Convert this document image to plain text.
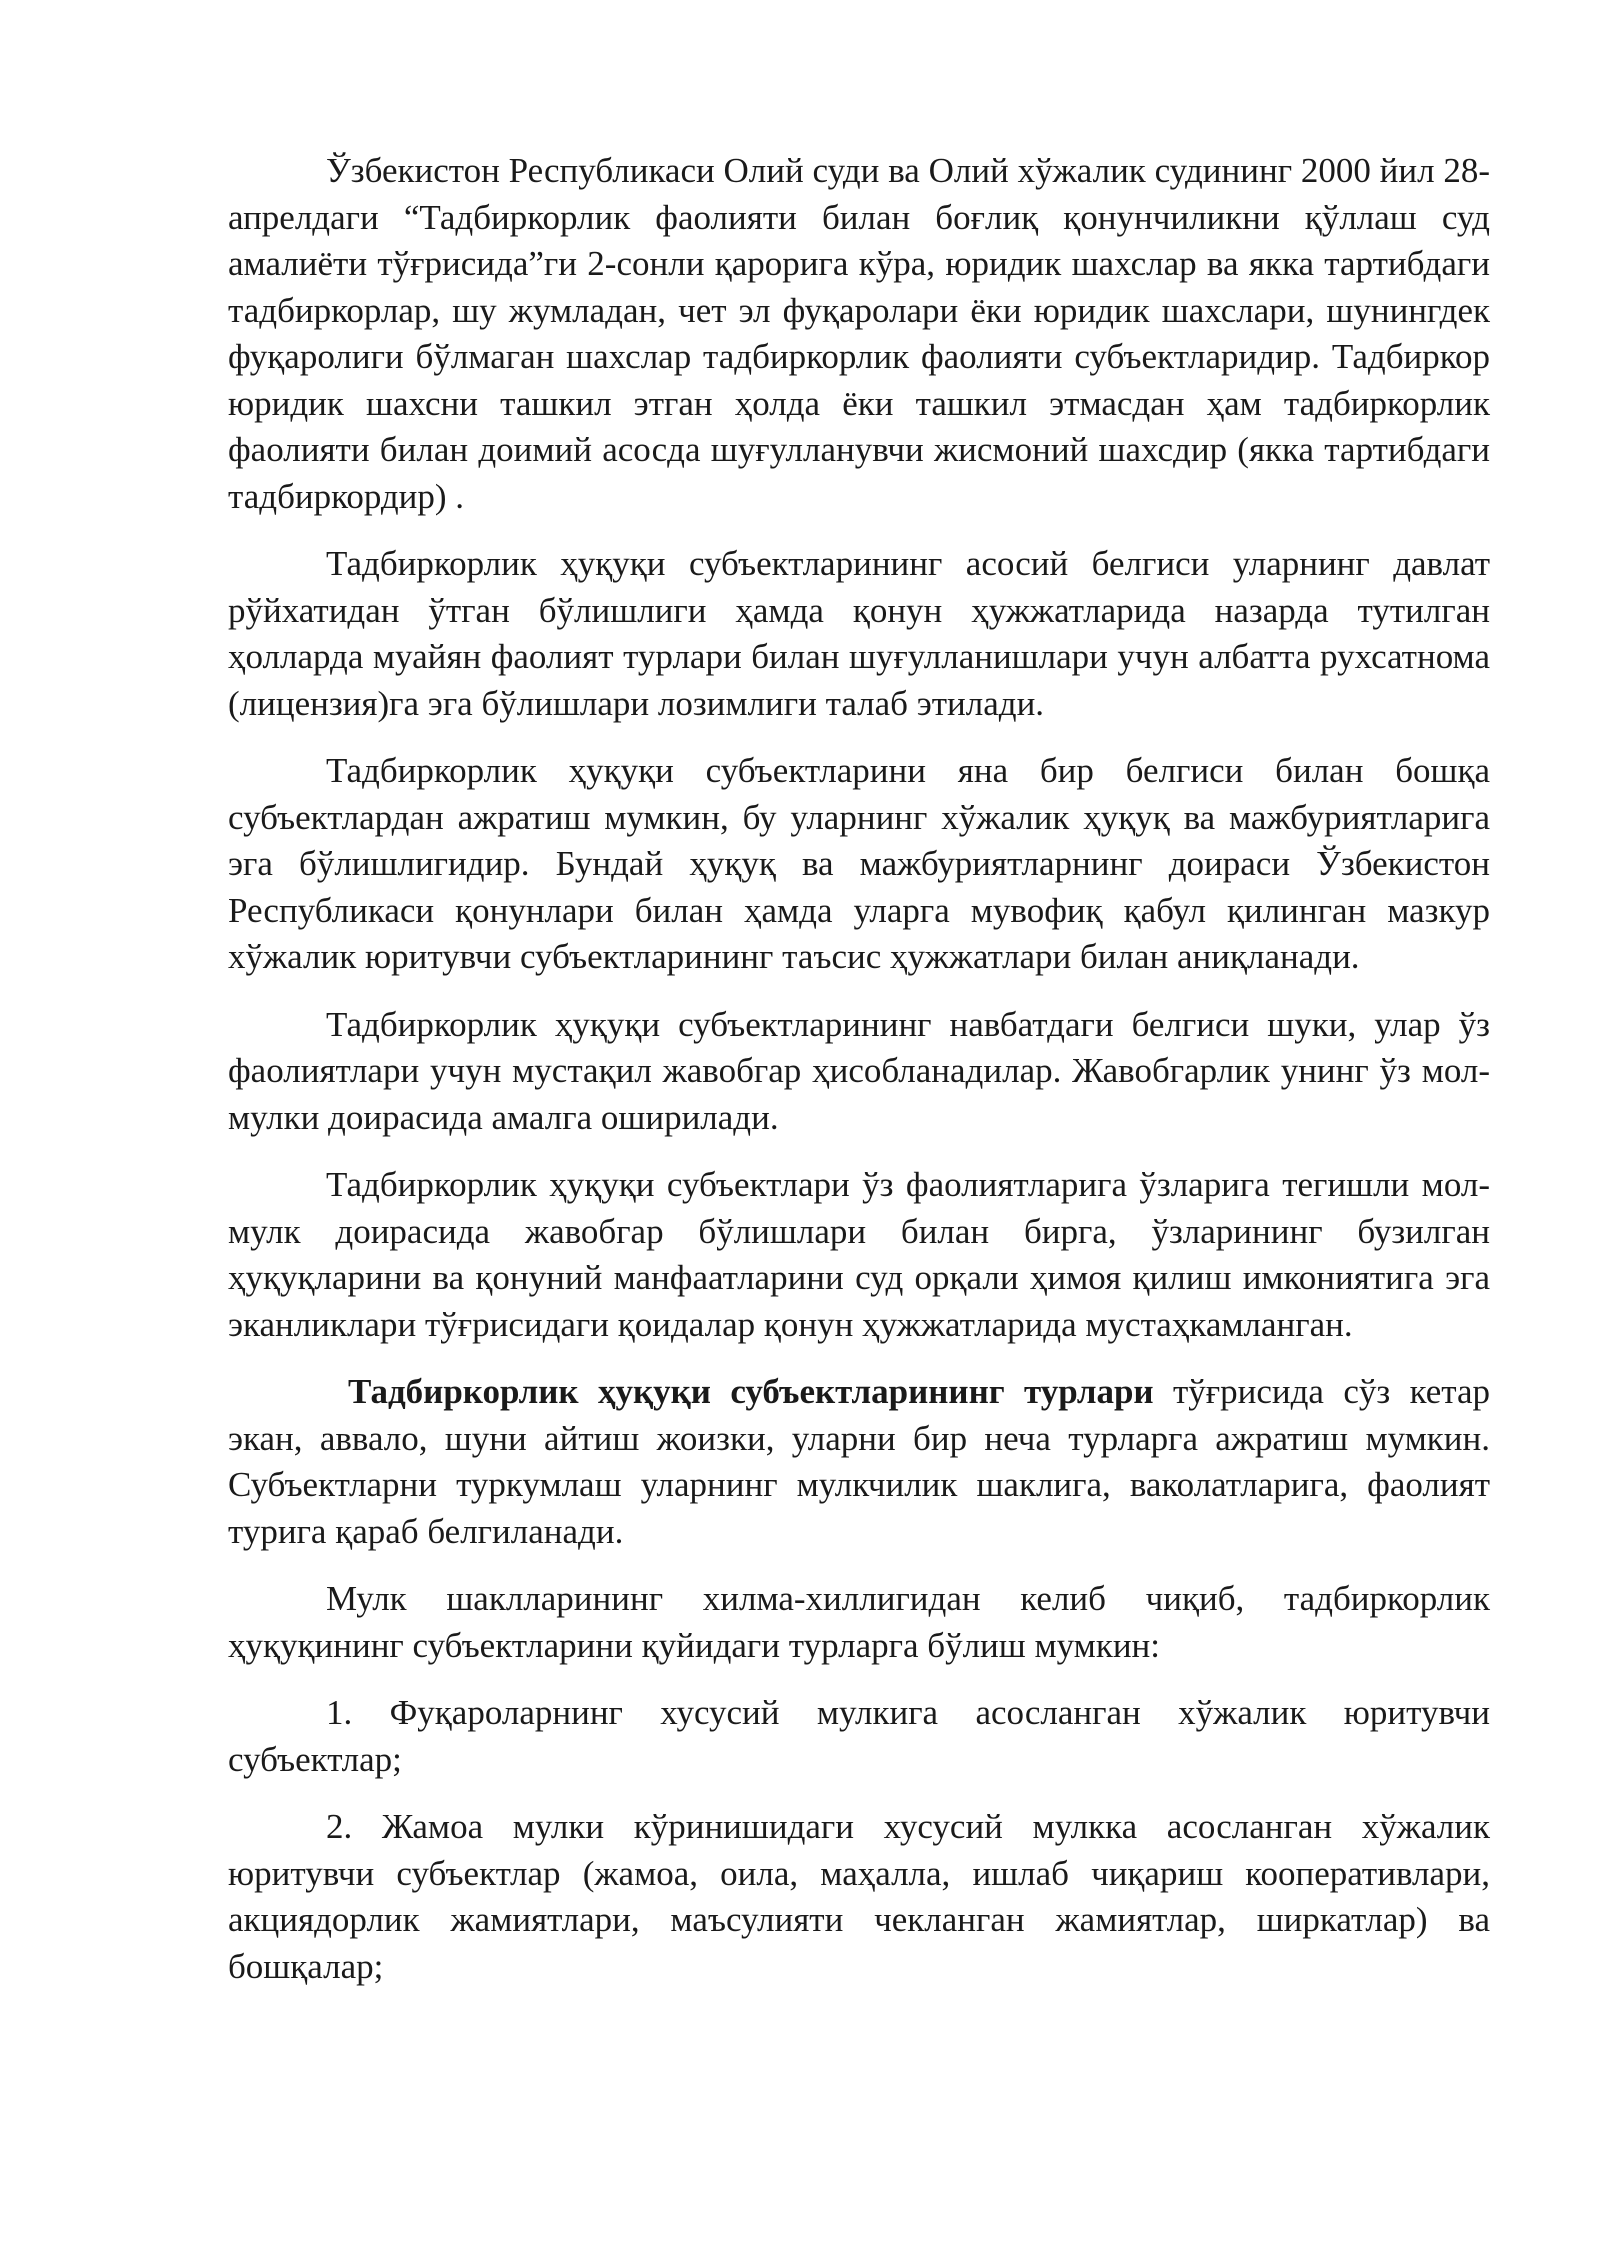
Ўзбекистон Республикаси Олий суди ва Олий хўжалик судининг 2000 йил 28-апрелдаги “Тадбиркорлик фаолияти билан боғлиқ қонунчиликни қўллаш суд амалиёти тўғрисида”ги 2-сонли қарорига кўра, юридик шахслар ва якка тартибдаги тадбиркорлар, шу жумладан, чет эл фуқаролари ёки юридик шахслари, шунингдек фуқаролиги бўлмаган шахслар тадбиркорлик фаолияти субъектларидир. Тадбиркор юридик шахсни ташкил этган ҳолда ёки ташкил этмасдан ҳам тадбиркорлик фаолияти билан доимий асосда шуғулланувчи жисмоний шахсдир (якка тартибдаги тадбиркордир) .

Тадбиркорлик ҳуқуқи субъектларининг асосий белгиси уларнинг давлат рўйхатидан ўтган бўлишлиги ҳамда қонун ҳужжатларида назарда тутилган ҳолларда муайян фаолият турлари билан шуғулланишлари учун албатта рухсатнома (лицензия)га эга бўлишлари лозимлиги талаб этилади.

Тадбиркорлик ҳуқуқи субъектларини яна бир белгиси билан бошқа субъектлардан ажратиш мумкин, бу уларнинг хўжалик ҳуқуқ ва мажбуриятларига эга бўлишлигидир. Бундай ҳуқуқ ва мажбуриятларнинг доираси Ўзбекистон Республикаси қонунлари билан ҳамда уларга мувофиқ қабул қилинган мазкур хўжалик юритувчи субъектларининг таъсис ҳужжатлари билан аниқланади.

Тадбиркорлик ҳуқуқи субъектларининг навбатдаги белгиси шуки, улар ўз фаолиятлари учун мустақил жавобгар ҳисобланадилар. Жавобгарлик унинг ўз мол-мулки доирасида амалга оширилади.

Тадбиркорлик ҳуқуқи субъектлари ўз фаолиятларига ўзларига тегишли мол-мулк доирасида жавобгар бўлишлари билан бирга, ўзларининг бузилган ҳуқуқларини ва қонуний манфаатларини суд орқали ҳимоя қилиш имкониятига эга эканликлари тўғрисидаги қоидалар қонун ҳужжатларида мустаҳкамланган.

Тадбиркорлик ҳуқуқи субъектларининг турлари тўғрисида сўз кетар экан, аввало, шуни айтиш жоизки, уларни бир неча турларга ажратиш мумкин. Субъектларни туркумлаш уларнинг мулкчилик шаклига, ваколатларига, фаолият турига қараб белгиланади.

Мулк шаклларининг хилма-хиллигидан келиб чиқиб, тадбиркорлик ҳуқуқининг субъектларини қуйидаги турларга бўлиш мумкин:

1. Фуқароларнинг хусусий мулкига асосланган хўжалик юритувчи субъектлар;

2. Жамоа мулки кўринишидаги хусусий мулкка асосланган хўжалик юритувчи субъектлар (жамоа, оила, маҳалла, ишлаб чиқариш кооперативлари, акциядорлик жамиятлари, маъсулияти чекланган жамиятлар, ширкатлар) ва бошқалар;
